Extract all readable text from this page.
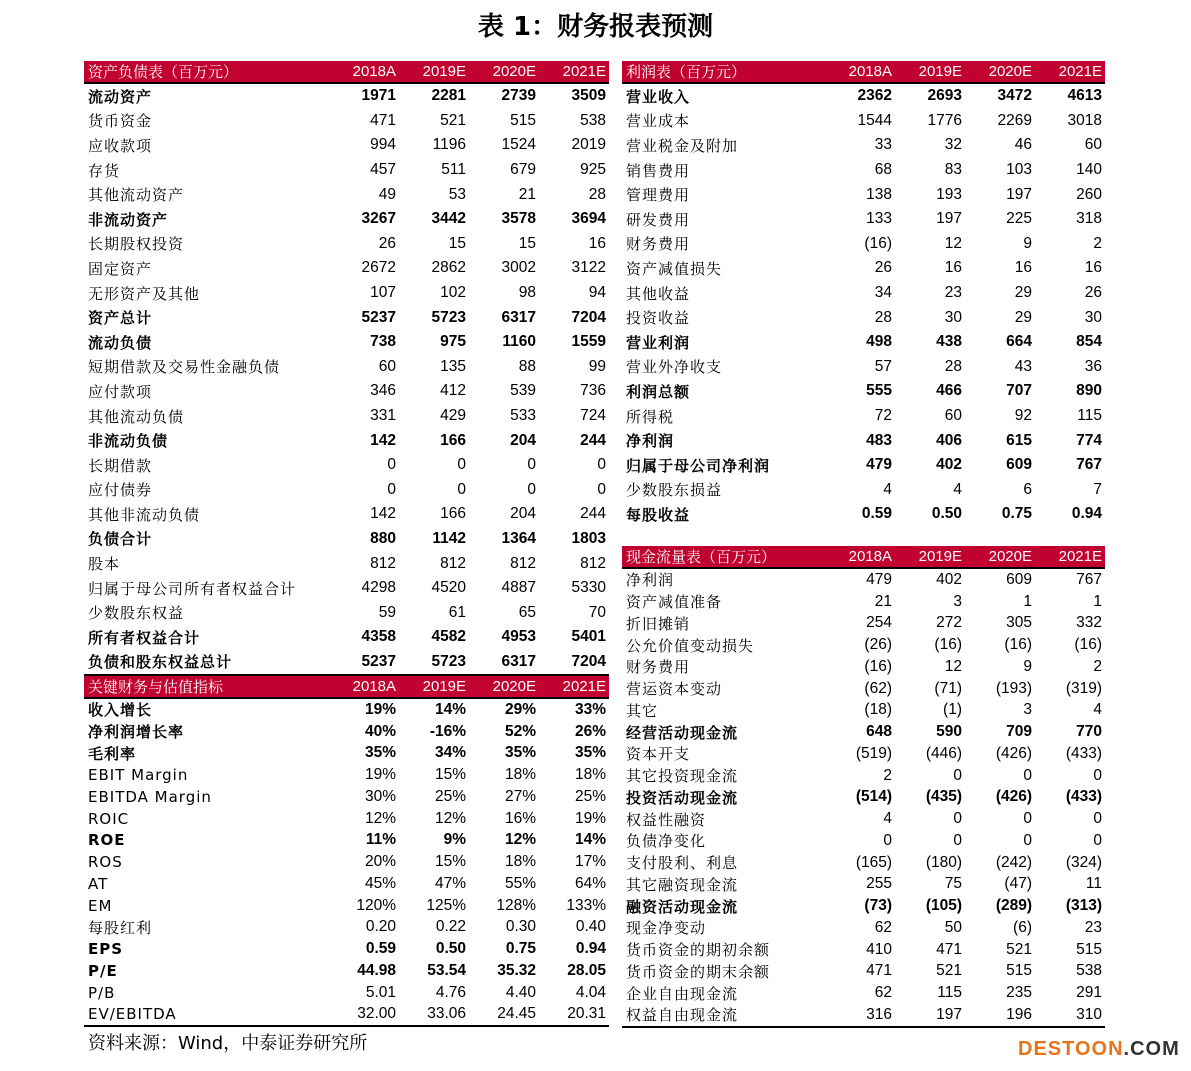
表 1：财务报表预测
资产负债表（百万元）	2018A	2019E	2020E	2021E
流动资产	1971	2281	2739	3509
货币资金	471	521	515	538
应收款项	994	1196	1524	2019
存货	457	511	679	925
其他流动资产	49	53	21	28
非流动资产	3267	3442	3578	3694
长期股权投资	26	15	15	16
固定资产	2672	2862	3002	3122
无形资产及其他	107	102	98	94
资产总计	5237	5723	6317	7204
流动负债	738	975	1160	1559
短期借款及交易性金融负债	60	135	88	99
应付款项	346	412	539	736
其他流动负债	331	429	533	724
非流动负债	142	166	204	244
长期借款	0	0	0	0
应付债券	0	0	0	0
其他非流动负债	142	166	204	244
负债合计	880	1142	1364	1803
股本	812	812	812	812
归属于母公司所有者权益合计	4298	4520	4887	5330
少数股东权益	59	61	65	70
所有者权益合计	4358	4582	4953	5401
负债和股东权益总计	5237	5723	6317	7204
利润表（百万元）	2018A	2019E	2020E	2021E
营业收入	2362	2693	3472	4613
营业成本	1544	1776	2269	3018
营业税金及附加	33	32	46	60
销售费用	68	83	103	140
管理费用	138	193	197	260
研发费用	133	197	225	318
财务费用	(16)	12	9	2
资产减值损失	26	16	16	16
其他收益	34	23	29	26
投资收益	28	30	29	30
营业利润	498	438	664	854
营业外净收支	57	28	43	36
利润总额	555	466	707	890
所得税	72	60	92	115
净利润	483	406	615	774
归属于母公司净利润	479	402	609	767
少数股东损益	4	4	6	7
每股收益	0.59	0.50	0.75	0.94
关键财务与估值指标	2018A	2019E	2020E	2021E
收入增长	19%	14%	29%	33%
净利润增长率	40%	-16%	52%	26%
毛利率	35%	34%	35%	35%
EBIT Margin	19%	15%	18%	18%
EBITDA Margin	30%	25%	27%	25%
ROIC	12%	12%	16%	19%
ROE	11%	9%	12%	14%
ROS	20%	15%	18%	17%
AT	45%	47%	55%	64%
EM	120%	125%	128%	133%
每股红利	0.20	0.22	0.30	0.40
EPS	0.59	0.50	0.75	0.94
P/E	44.98	53.54	35.32	28.05
P/B	5.01	4.76	4.40	4.04
EV/EBITDA	32.00	33.06	24.45	20.31
现金流量表（百万元）	2018A	2019E	2020E	2021E
净利润	479	402	609	767
资产减值准备	21	3	1	1
折旧摊销	254	272	305	332
公允价值变动损失	(26)	(16)	(16)	(16)
财务费用	(16)	12	9	2
营运资本变动	(62)	(71)	(193)	(319)
其它	(18)	(1)	3	4
经营活动现金流	648	590	709	770
资本开支	(519)	(446)	(426)	(433)
其它投资现金流	2	0	0	0
投资活动现金流	(514)	(435)	(426)	(433)
权益性融资	4	0	0	0
负债净变化	0	0	0	0
支付股利、利息	(165)	(180)	(242)	(324)
其它融资现金流	255	75	(47)	11
融资活动现金流	(73)	(105)	(289)	(313)
现金净变动	62	50	(6)	23
货币资金的期初余额	410	471	521	515
货币资金的期末余额	471	521	515	538
企业自由现金流	62	115	235	291
权益自由现金流	316	197	196	310
资料来源：Wind，中泰证券研究所	DESTOON.COM
